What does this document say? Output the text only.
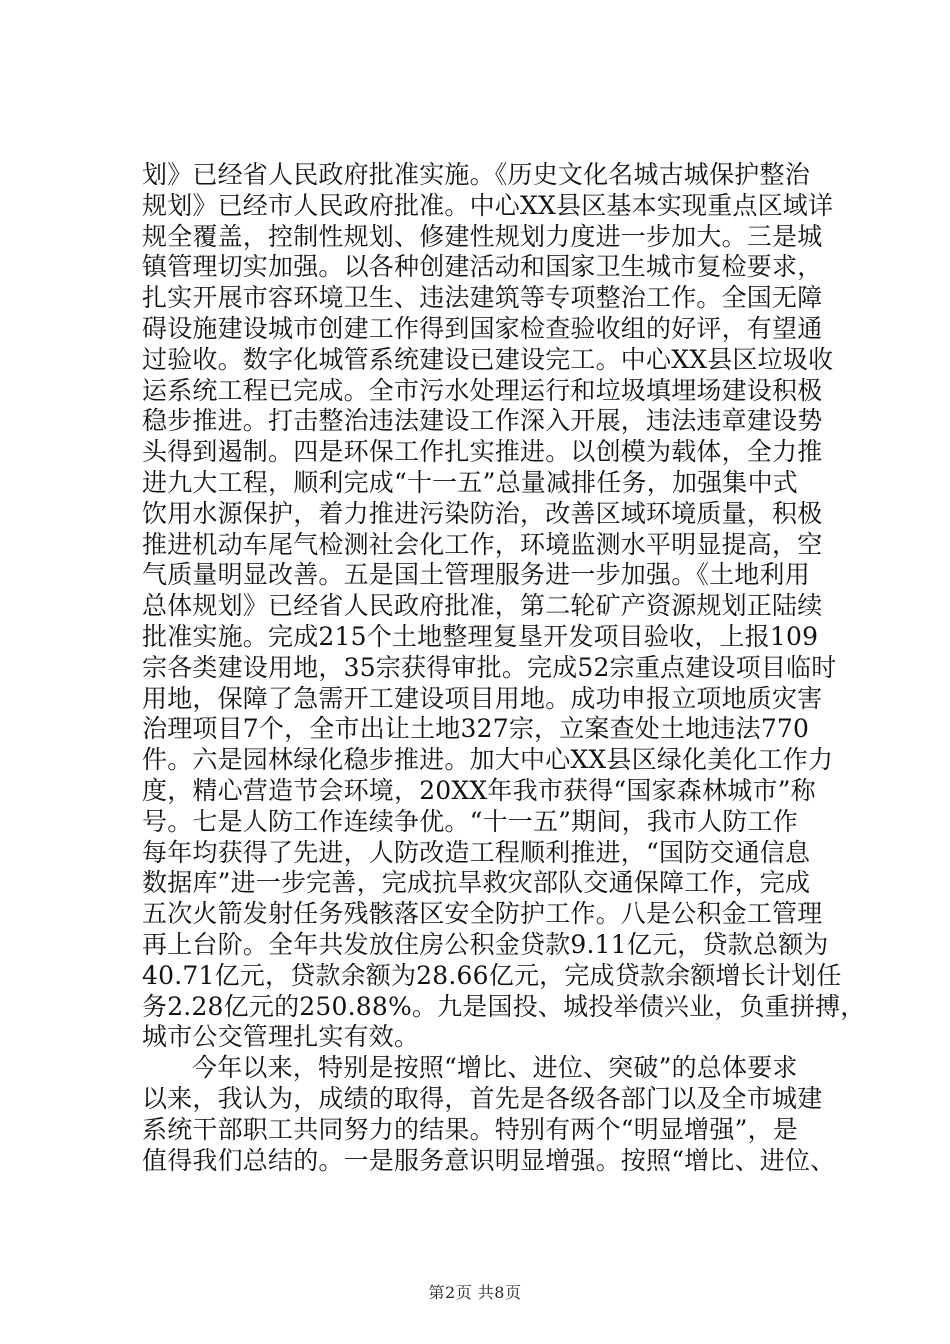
划》已经省人民政府批准实施。《历史文化名城古城保护整治
规划》已经市人民政府批准。中心XX县区基本实现重点区域详
规全覆盖，控制性规划、修建性规划力度进一步加大。三是城
镇管理切实加强。以各种创建活动和国家卫生城市复检要求，
扎实开展市容环境卫生、违法建筑等专项整治工作。全国无障
碍设施建设城市创建工作得到国家检查验收组的好评，有望通
过验收。数字化城管系统建设已建设完工。中心XX县区垃圾收
运系统工程已完成。全市污水处理运行和垃圾填埋场建设积极
稳步推进。打击整治违法建设工作深入开展，违法违章建设势
头得到遏制。四是环保工作扎实推进。以创模为载体，全力推
进九大工程，顺利完成“十一五”总量减排任务，加强集中式
饮用水源保护，着力推进污染防治，改善区域环境质量，积极
推进机动车尾气检测社会化工作，环境监测水平明显提高，空
气质量明显改善。五是国土管理服务进一步加强。《土地利用
总体规划》已经省人民政府批准，第二轮矿产资源规划正陆续
批准实施。完成215个土地整理复垦开发项目验收，上报109
宗各类建设用地，35宗获得审批。完成52宗重点建设项目临时
用地，保障了急需开工建设项目用地。成功申报立项地质灾害
治理项目7个，全市出让土地327宗，立案查处土地违法770
件。六是园林绿化稳步推进。加大中心XX县区绿化美化工作力
度，精心营造节会环境，20XX年我市获得“国家森林城市”称
号。七是人防工作连续争优。“十一五”期间，我市人防工作
每年均获得了先进，人防改造工程顺利推进，“国防交通信息
数据库”进一步完善，完成抗旱救灾部队交通保障工作，完成
五次火箭发射任务残骸落区安全防护工作。八是公积金工管理
再上台阶。全年共发放住房公积金贷款9.11亿元，贷款总额为
40.71亿元，贷款余额为28.66亿元，完成贷款余额增长计划任
务2.28亿元的250.88%。九是国投、城投举债兴业，负重拼搏，
城市公交管理扎实有效。
今年以来，特别是按照“增比、进位、突破”的总体要求
以来，我认为，成绩的取得，首先是各级各部门以及全市城建
系统干部职工共同努力的结果。特别有两个“明显增强”，是
值得我们总结的。一是服务意识明显增强。按照“增比、进位、
第2页 共8页
